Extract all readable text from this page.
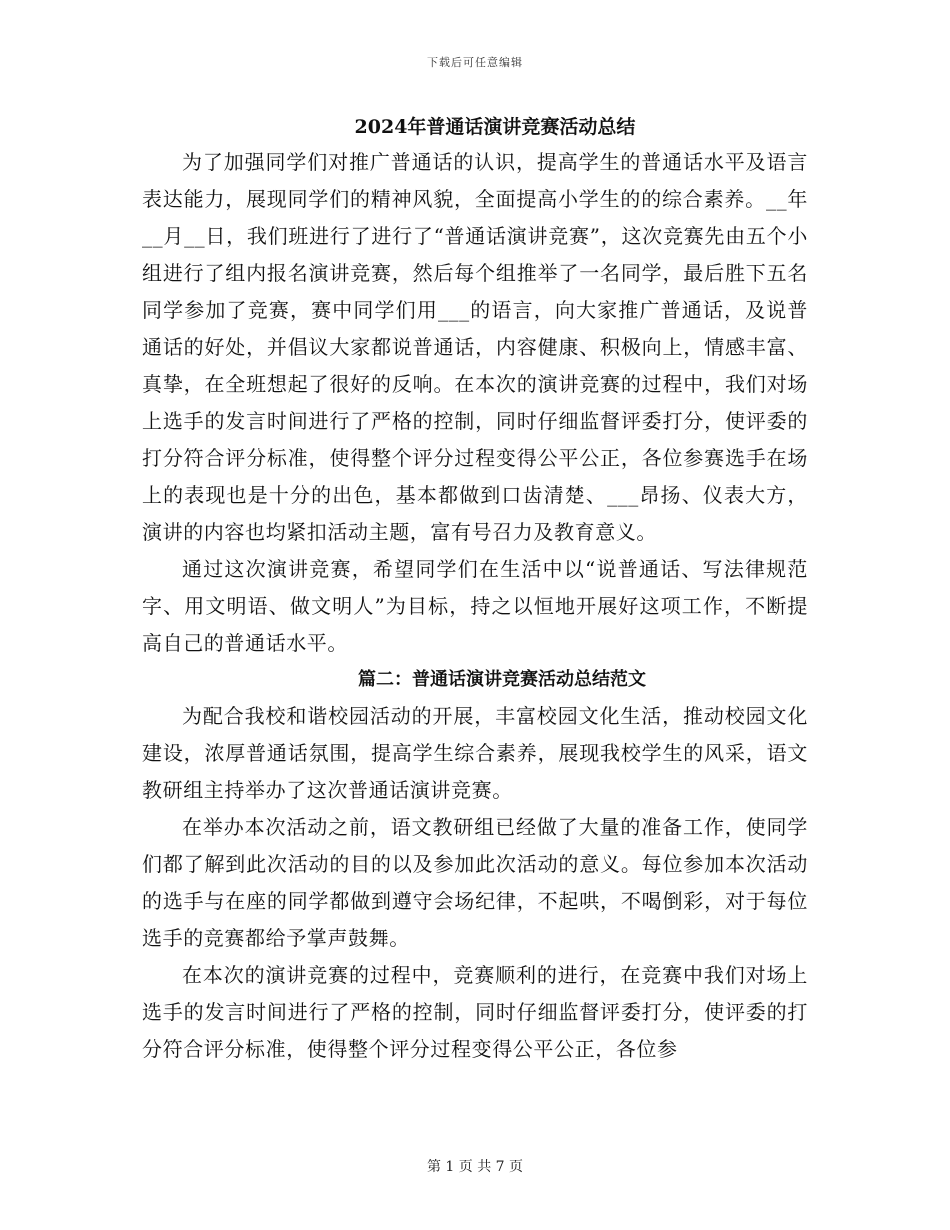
下载后可任意编辑
2024年普通话演讲竞赛活动总结

为了加强同学们对推广普通话的认识，提高学生的普通话水平及语言表达能力，展现同学们的精神风貌，全面提高小学生的的综合素养。__年__月__日，我们班进行了进行了“普通话演讲竞赛”，这次竞赛先由五个小组进行了组内报名演讲竞赛，然后每个组推举了一名同学，最后胜下五名同学参加了竞赛，赛中同学们用___的语言，向大家推广普通话，及说普通话的好处，并倡议大家都说普通话，内容健康、积极向上，情感丰富、真挚，在全班想起了很好的反响。在本次的演讲竞赛的过程中，我们对场上选手的发言时间进行了严格的控制，同时仔细监督评委打分，使评委的打分符合评分标准，使得整个评分过程变得公平公正，各位参赛选手在场上的表现也是十分的出色，基本都做到口齿清楚、___昂扬、仪表大方，演讲的内容也均紧扣活动主题，富有号召力及教育意义。

通过这次演讲竞赛，希望同学们在生活中以“说普通话、写法律规范字、用文明语、做文明人”为目标，持之以恒地开展好这项工作，不断提高自己的普通话水平。

篇二：普通话演讲竞赛活动总结范文

为配合我校和谐校园活动的开展，丰富校园文化生活，推动校园文化建设，浓厚普通话氛围，提高学生综合素养，展现我校学生的风采，语文教研组主持举办了这次普通话演讲竞赛。

在举办本次活动之前，语文教研组已经做了大量的准备工作，使同学们都了解到此次活动的目的以及参加此次活动的意义。每位参加本次活动的选手与在座的同学都做到遵守会场纪律，不起哄，不喝倒彩，对于每位选手的竞赛都给予掌声鼓舞。

在本次的演讲竞赛的过程中，竞赛顺利的进行，在竞赛中我们对场上选手的发言时间进行了严格的控制，同时仔细监督评委打分，使评委的打分符合评分标准，使得整个评分过程变得公平公正，各位参

第 1 页 共 7 页
